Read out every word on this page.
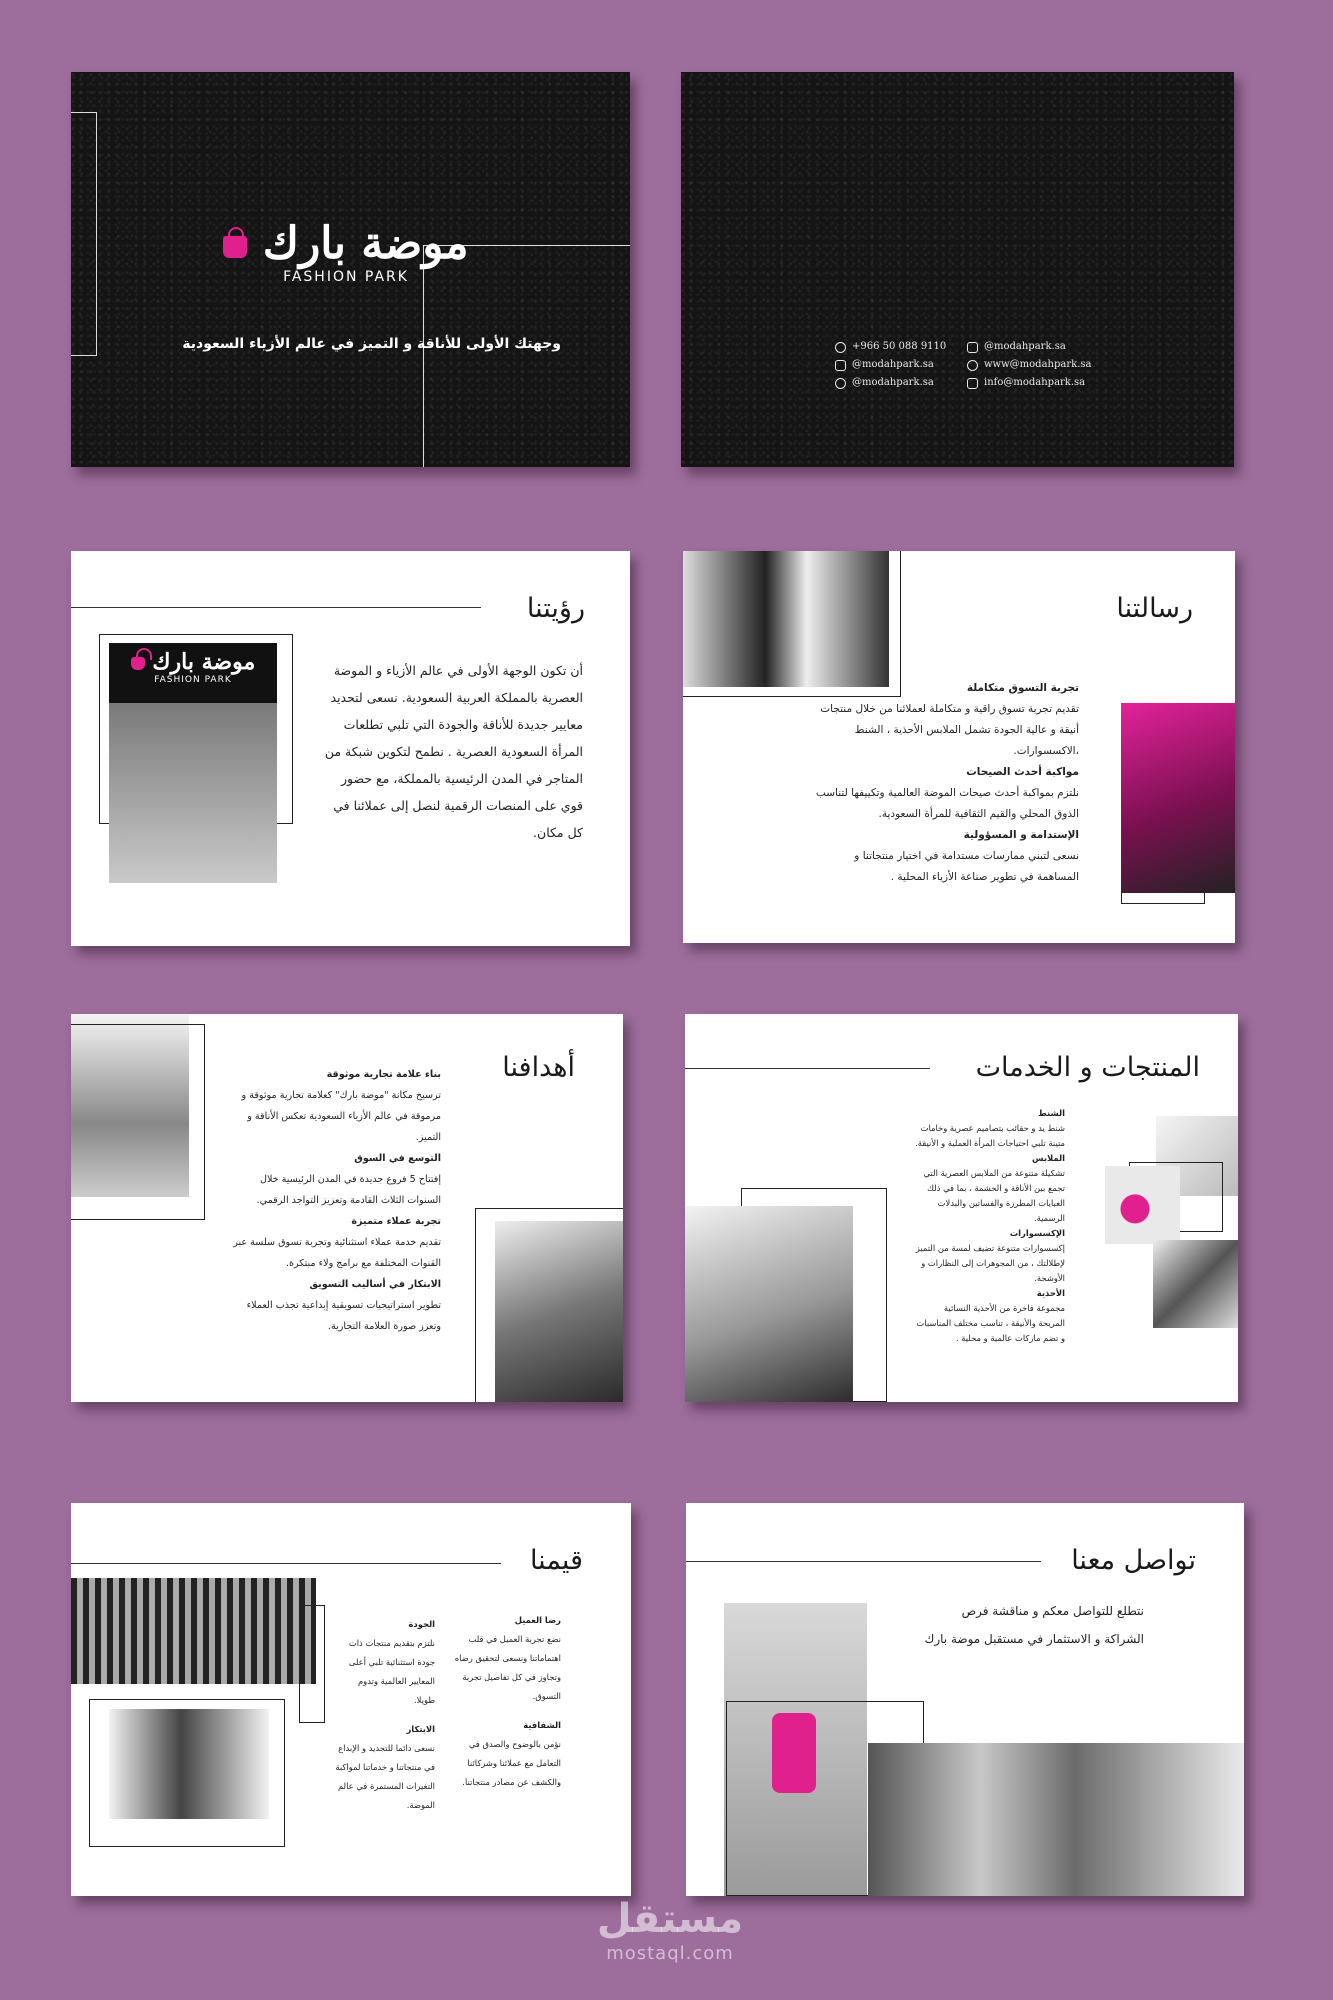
موضة بارك
FASHION PARK
وجهتك الأولى للأناقة و التميز في عالم الأزياء السعودية	+966 50 088 9110
@modahpark.sa
@modahpark.sa
@modahpark.sa
www@modahpark.sa
info@modahpark.sa
رؤيتنا
موضة بارك
FASHION PARK
أن تكون الوجهة الأولى في عالم الأزياء و الموضة العصرية بالمملكة العربية السعودية. نسعى لتحديد معايير جديدة للأناقة والجودة التي تلبي تطلعات المرأة السعودية العصرية . نطمح لتكوين شبكة من المتاجر في المدن الرئيسية بالمملكة، مع حضور قوي على المنصات الرقمية لنصل إلى عملائنا في كل مكان.
رسالتنا
تجربة التسوق متكاملة
تقديم تجربة تسوق راقية و متكاملة لعملائنا من خلال منتجات أنيقة و عالية الجودة تشمل الملابس الأحذية ، الشنط ،الاكسسوارات.
مواكبة أحدث الصيحات
نلتزم بمواكبة أحدث صيحات الموضة العالمية وتكييفها لتناسب الذوق المحلي والقيم الثقافية للمرأة السعودية.
الإستدامة و المسؤولية
نسعى لتبني ممارسات مستدامة في اختيار منتجاتنا و المساهمة في تطوير صناعة الأزياء المحلية .
أهدافنا
بناء علامة تجارية موثوقة
ترسيخ مكانة "موضة بارك" كعلامة تجارية موثوقة و مرموقة في عالم الأزياء السعودية تعكس الأناقة و التميز.
التوسع في السوق
إفتتاح 5 فروع جديدة في المدن الرئيسية خلال السنوات الثلاث القادمة وتعزيز التواجد الرقمي.
تجربة عملاء متميزة
تقديم خدمة عملاء استثنائية وتجربة تسوق سلسة عبر القنوات المختلفة مع برامج ولاء مبتكرة.
الابتكار في أساليب التسويق
تطوير استراتيجيات تسويقية إبداعية تجذب العملاء وتعزز صورة العلامة التجارية.
المنتجات و الخدمات
الشنط
شنط يد و حقائب بتصاميم عصرية وخامات متينة تلبي احتياجات المرأة العملية و الأنيقة.
الملابس
تشكيلة متنوعة من الملابس العصرية التي تجمع بين الأناقة و الحشمة ، بما في ذلك العبايات المطرزة والفساتين والبدلات الرسمية.
الإكسسوارات
إكسسوارات متنوعة تضيف لمسة من التميز لإطلالتك ، من المجوهرات إلى النظارات و الأوشحة.
الأحذية
مجموعة فاخرة من الأحذية النسائية المريحة والأنيقة ، تناسب مختلف المناسبات و تضم ماركات عالمية و محلية .
قيمنا
رضا العميل
نضع تجربة العميل في قلب اهتماماتنا ونسعى لتحقيق رضاه وتجاوز في كل تفاصيل تجربة التسوق.
الشفافية
نؤمن بالوضوح والصدق في التعامل مع عملائنا وشركائنا والكشف عن مصادر منتجاتنا.
الجودة
نلتزم بتقديم منتجات ذات جودة استثنائية تلبي أعلى المعايير العالمية وتدوم طويلا.
الابتكار
نسعى دائما للتجديد و الإبداع في منتجاتنا و خدماتنا لمواكبة التغيرات المستمرة في عالم الموضة.
تواصل معنا
نتطلع للتواصل معكم و مناقشة فرص الشراكة و الاستثمار في مستقبل موضة بارك
مستقل
mostaql.com
